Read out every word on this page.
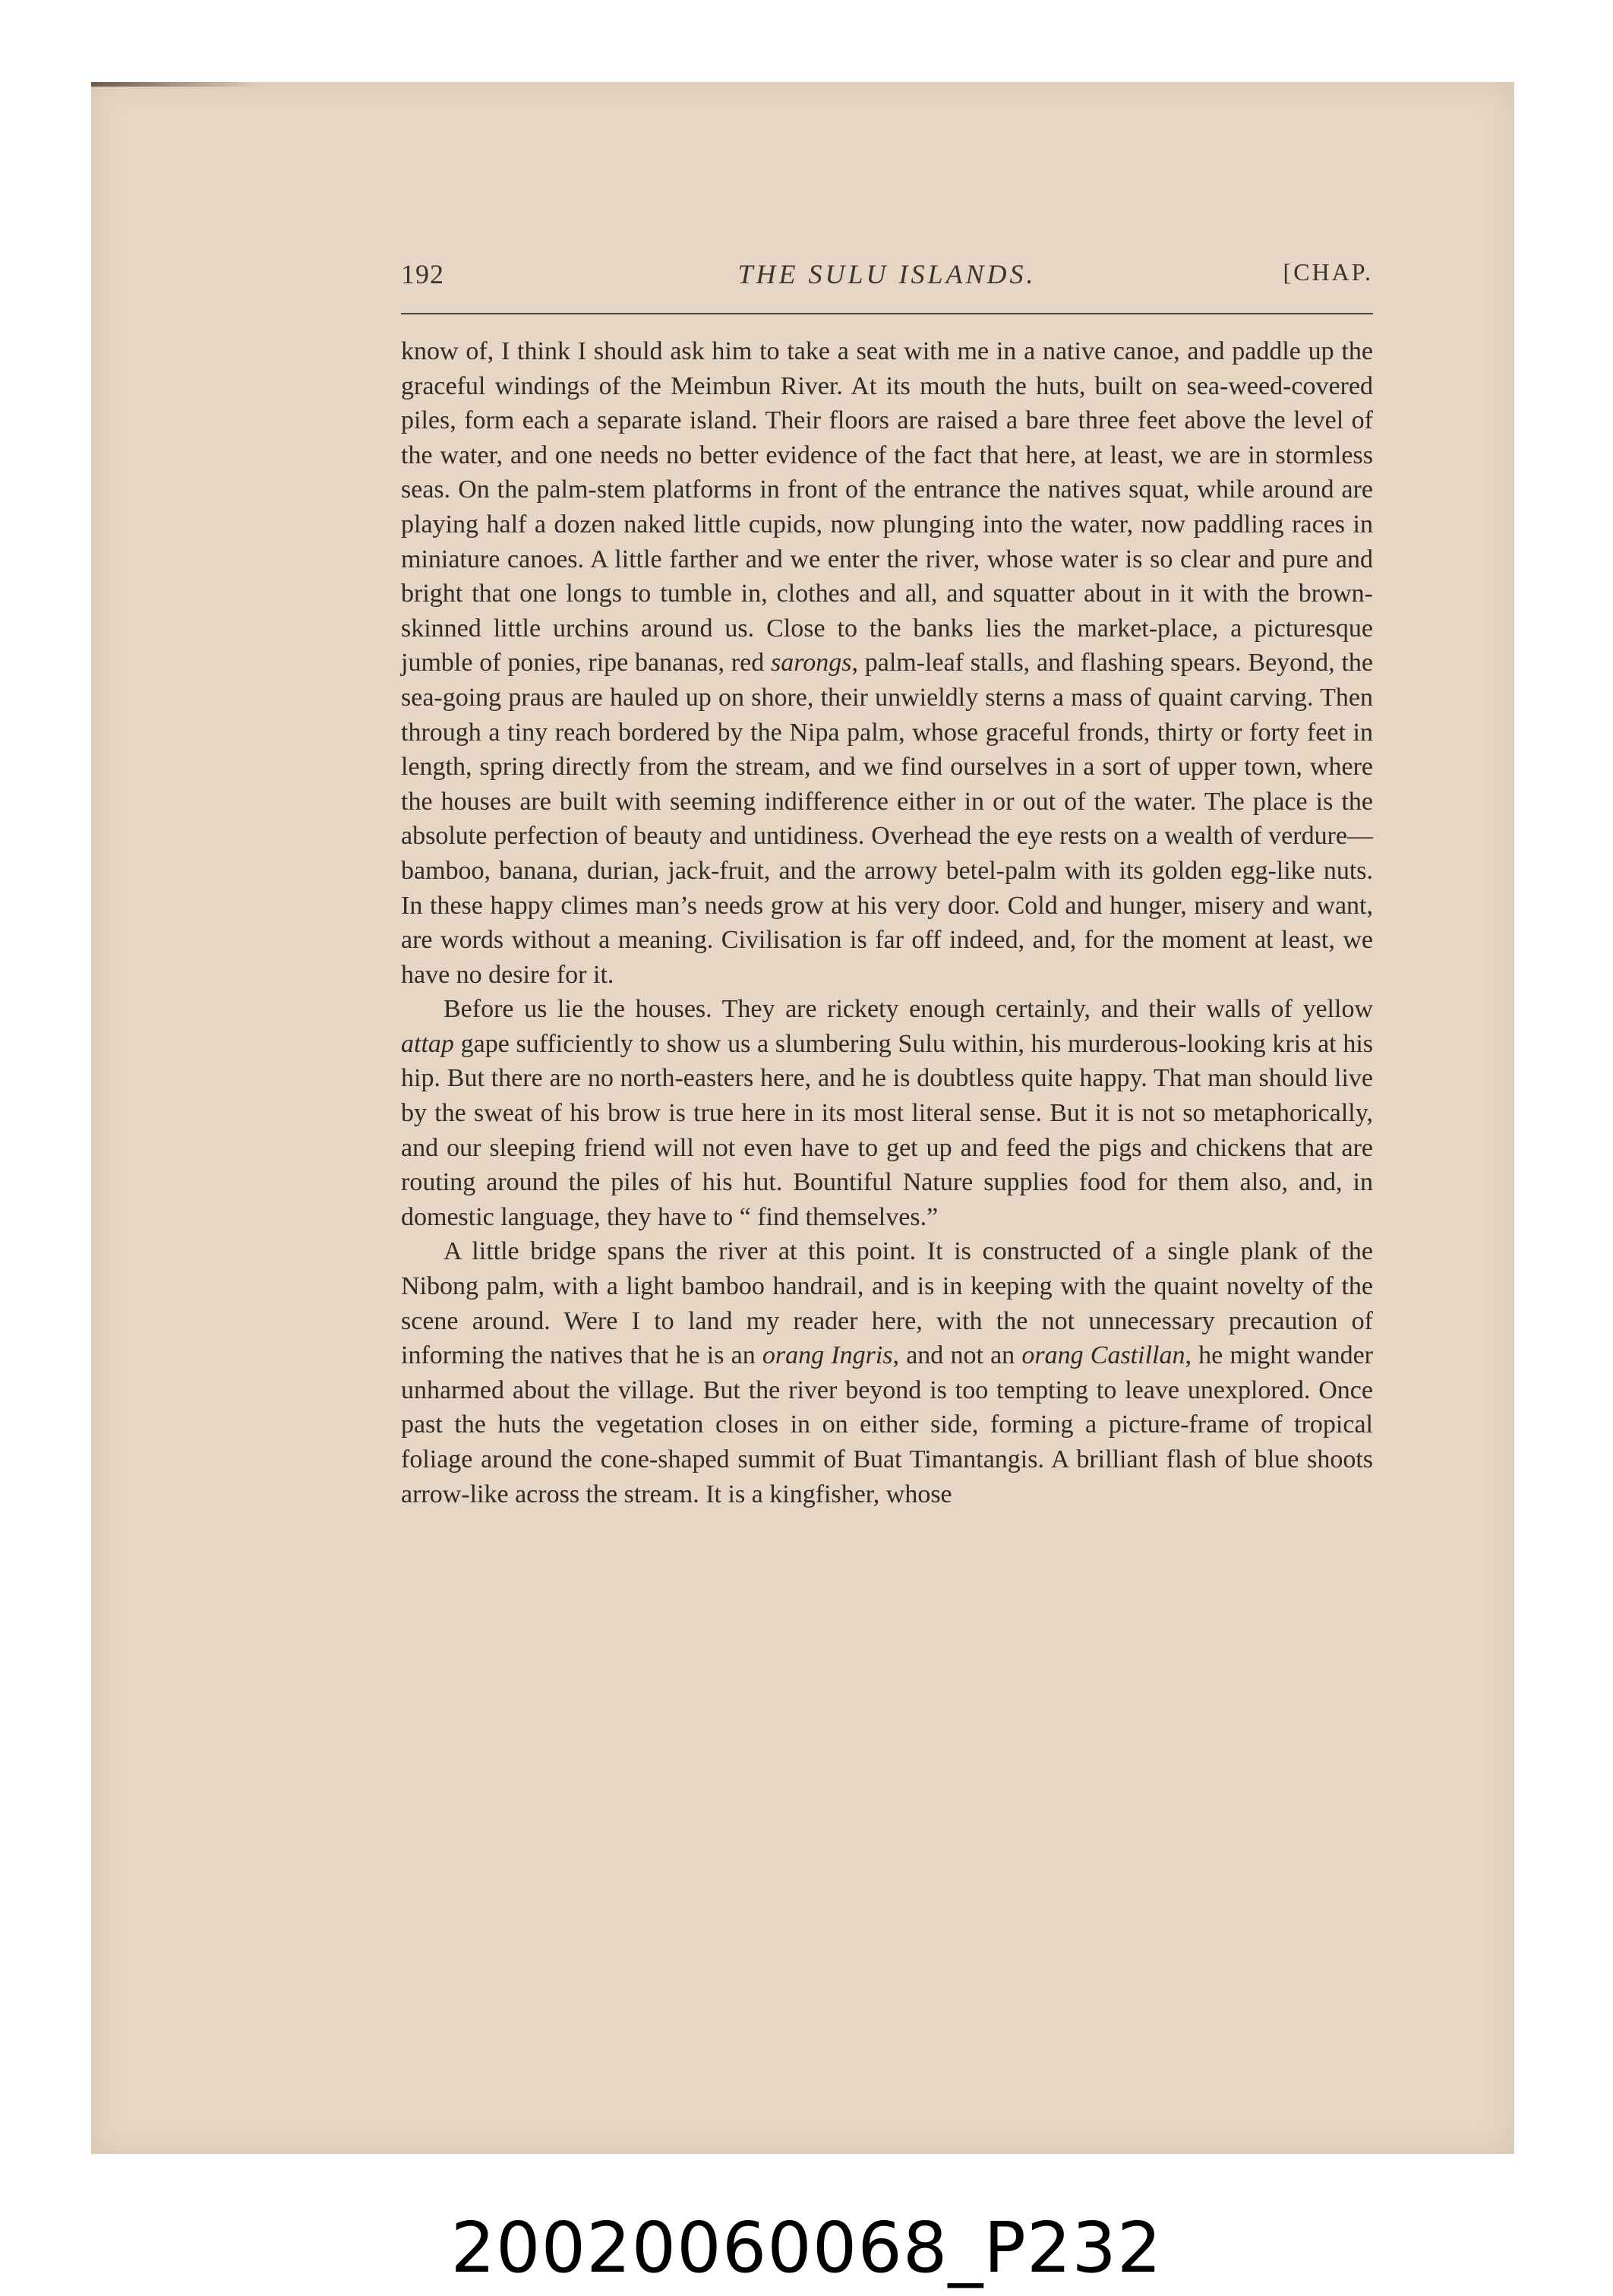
192	THE SULU ISLANDS.	[CHAP.

know of, I think I should ask him to take a seat with me in a native canoe, and paddle up the graceful windings of the Meimbun River. At its mouth the huts, built on sea-weed-covered piles, form each a separate island. Their floors are raised a bare three feet above the level of the water, and one needs no better evidence of the fact that here, at least, we are in stormless seas. On the palm-stem platforms in front of the entrance the natives squat, while around are playing half a dozen naked little cupids, now plunging into the water, now paddling races in miniature canoes. A little farther and we enter the river, whose water is so clear and pure and bright that one longs to tumble in, clothes and all, and squatter about in it with the brown-skinned little urchins around us. Close to the banks lies the market-place, a picturesque jumble of ponies, ripe bananas, red sarongs, palm-leaf stalls, and flashing spears. Beyond, the sea-going praus are hauled up on shore, their unwieldly sterns a mass of quaint carving. Then through a tiny reach bordered by the Nipa palm, whose graceful fronds, thirty or forty feet in length, spring directly from the stream, and we find ourselves in a sort of upper town, where the houses are built with seeming indifference either in or out of the water. The place is the absolute perfection of beauty and untidiness. Overhead the eye rests on a wealth of verdure—bamboo, banana, durian, jack-fruit, and the arrowy betel-palm with its golden egg-like nuts. In these happy climes man’s needs grow at his very door. Cold and hunger, misery and want, are words without a meaning. Civilisation is far off indeed, and, for the moment at least, we have no desire for it.

Before us lie the houses. They are rickety enough certainly, and their walls of yellow attap gape sufficiently to show us a slumbering Sulu within, his murderous-looking kris at his hip. But there are no north-easters here, and he is doubtless quite happy. That man should live by the sweat of his brow is true here in its most literal sense. But it is not so metaphorically, and our sleeping friend will not even have to get up and feed the pigs and chickens that are routing around the piles of his hut. Bountiful Nature supplies food for them also, and, in domestic language, they have to “ find themselves.”

A little bridge spans the river at this point. It is constructed of a single plank of the Nibong palm, with a light bamboo handrail, and is in keeping with the quaint novelty of the scene around. Were I to land my reader here, with the not unnecessary precaution of informing the natives that he is an orang Ingris, and not an orang Castillan, he might wander unharmed about the village. But the river beyond is too tempting to leave unexplored. Once past the huts the vegetation closes in on either side, forming a picture-frame of tropical foliage around the cone-shaped summit of Buat Timantangis. A brilliant flash of blue shoots arrow-like across the stream. It is a kingfisher, whose

20020060068_P232
